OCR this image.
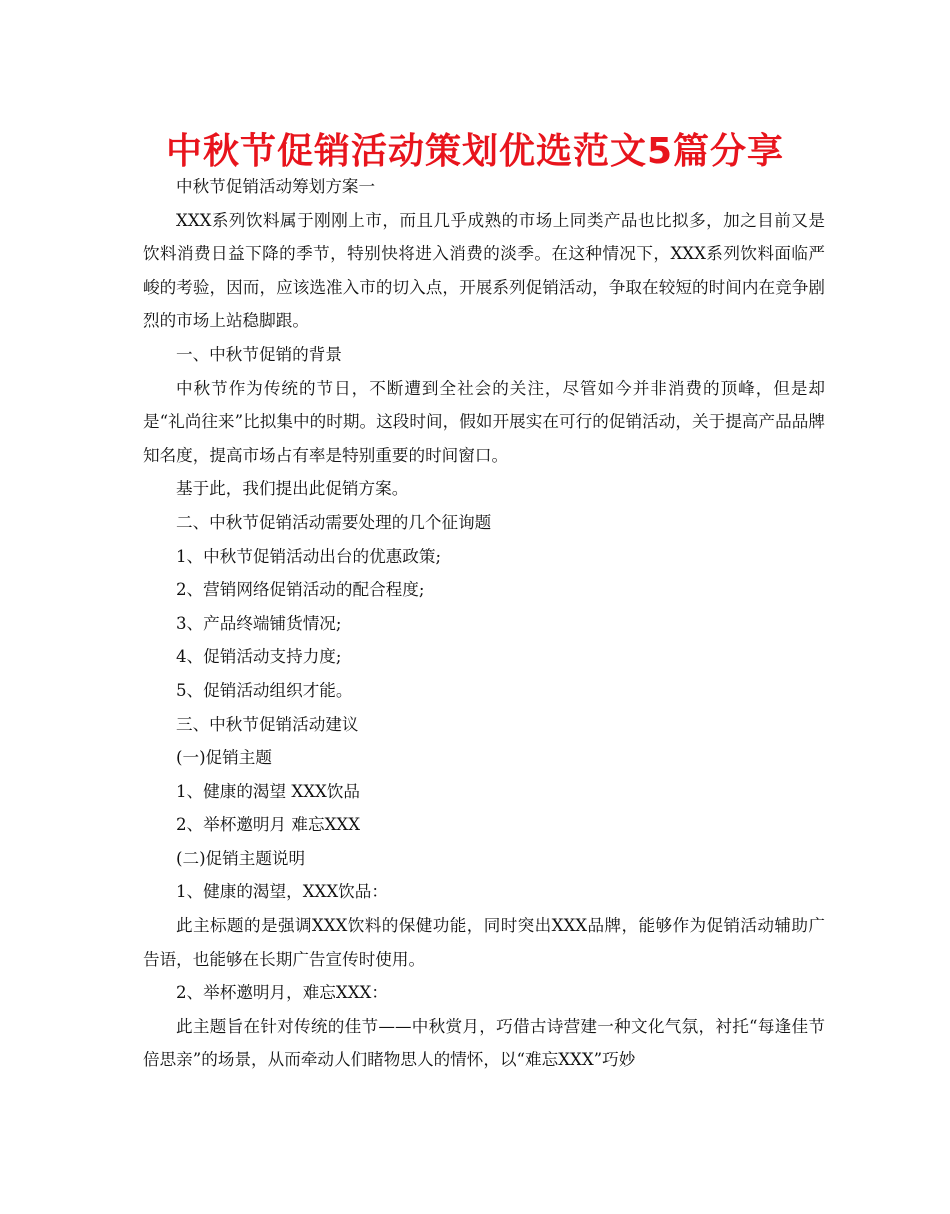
中秋节促销活动策划优选范文5篇分享

中秋节促销活动筹划方案一

XXX系列饮料属于刚刚上市，而且几乎成熟的市场上同类产品也比拟多，加之目前又是饮料消费日益下降的季节，特别快将进入消费的淡季。在这种情况下，XXX系列饮料面临严峻的考验，因而，应该选准入市的切入点，开展系列促销活动，争取在较短的时间内在竞争剧烈的市场上站稳脚跟。

一、中秋节促销的背景

中秋节作为传统的节日，不断遭到全社会的关注，尽管如今并非消费的顶峰，但是却是“礼尚往来”比拟集中的时期。这段时间，假如开展实在可行的促销活动，关于提高产品品牌知名度，提高市场占有率是特别重要的时间窗口。

基于此，我们提出此促销方案。

二、中秋节促销活动需要处理的几个征询题

1、中秋节促销活动出台的优惠政策;

2、营销网络促销活动的配合程度;

3、产品终端铺货情况;

4、促销活动支持力度;

5、促销活动组织才能。

三、中秋节促销活动建议

(一)促销主题

1、健康的渴望 XXX饮品

2、举杯邀明月 难忘XXX

(二)促销主题说明

1、健康的渴望，XXX饮品：

此主标题的是强调XXX饮料的保健功能，同时突出XXX品牌，能够作为促销活动辅助广告语，也能够在长期广告宣传时使用。

2、举杯邀明月，难忘XXX：

此主题旨在针对传统的佳节——中秋赏月，巧借古诗营建一种文化气氛，衬托“每逢佳节倍思亲”的场景，从而牵动人们睹物思人的情怀，以“难忘XXX”巧妙
